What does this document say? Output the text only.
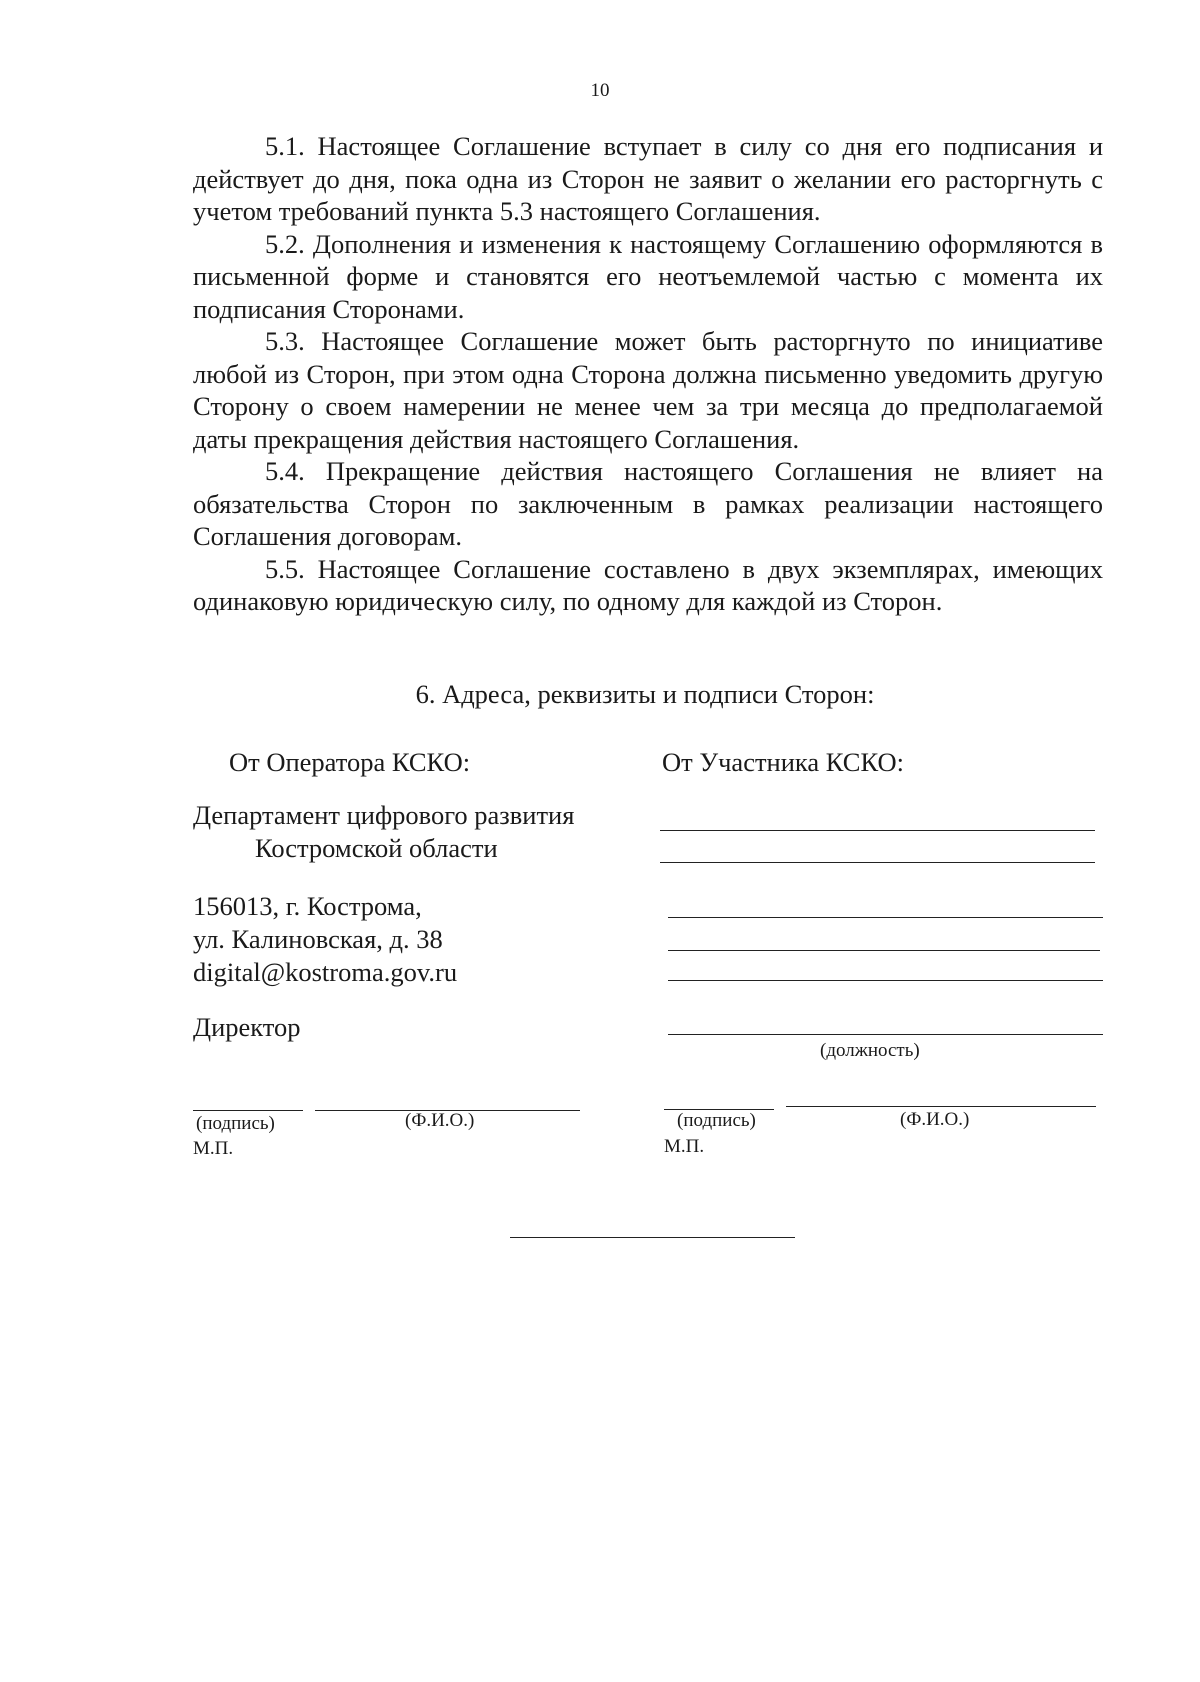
10

5.1. Настоящее Соглашение вступает в силу со дня его подписания и действует до дня, пока одна из Сторон не заявит о желании его расторгнуть с учетом требований пункта 5.3 настоящего Соглашения.

5.2. Дополнения и изменения к настоящему Соглашению оформляются в письменной форме и становятся его неотъемлемой частью с момента их подписания Сторонами.

5.3. Настоящее Соглашение может быть расторгнуто по инициативе любой из Сторон, при этом одна Сторона должна письменно уведомить другую Сторону о своем намерении не менее чем за три месяца до предполагаемой даты прекращения действия настоящего Соглашения.

5.4. Прекращение действия настоящего Соглашения не влияет на обязательства Сторон по заключенным в рамках реализации настоящего Соглашения договорам.

5.5. Настоящее Соглашение составлено в двух экземплярах, имеющих одинаковую юридическую силу, по одному для каждой из Сторон.

6. Адреса, реквизиты и подписи Сторон:
От Оператора КСКО:
Департамент цифрового развития
Костромской области
156013, г. Кострома,
ул. Калиновская, д. 38
digital@kostroma.gov.ru
Директор
(подпись)	(Ф.И.О.)
М.П.
От Участника КСКО:
(должность)
(подпись)	(Ф.И.О.)
М.П.
